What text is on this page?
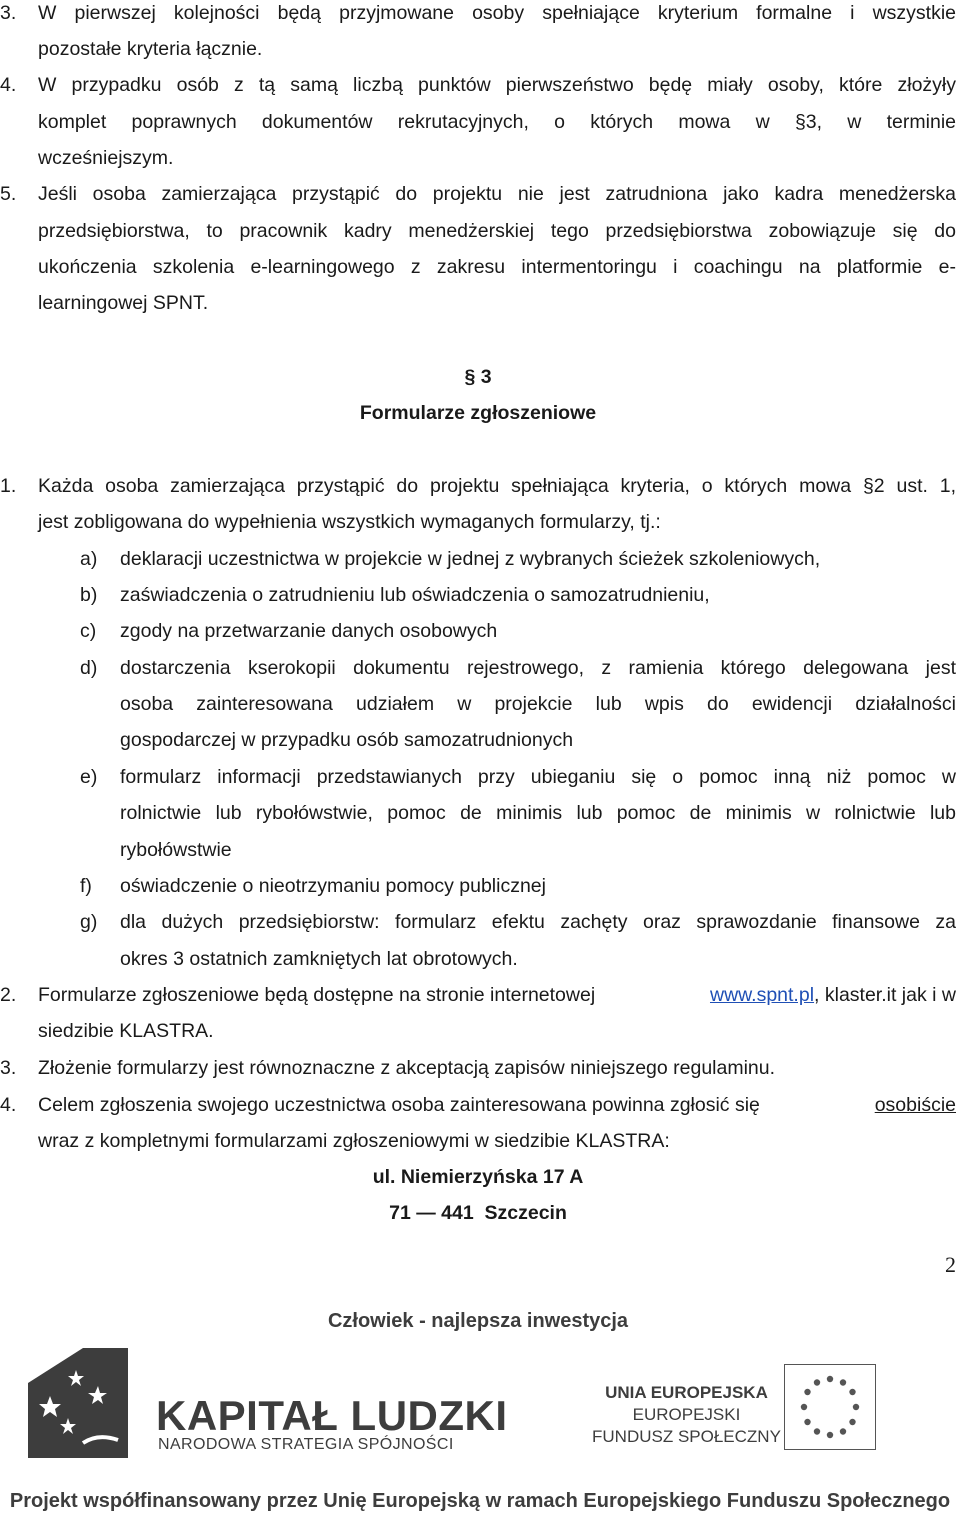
3. W pierwszej kolejności będą przyjmowane osoby spełniające kryterium formalne i wszystkie
pozostałe kryteria łącznie.
4. W przypadku osób z tą samą liczbą punktów pierwszeństwo będę miały osoby, które złożyły
komplet poprawnych dokumentów rekrutacyjnych, o których mowa w §3, w terminie
wcześniejszym.
5. Jeśli osoba zamierzająca przystąpić do projektu nie jest zatrudniona jako kadra menedżerska
przedsiębiorstwa, to pracownik kadry menedżerskiej tego przedsiębiorstwa zobowiązuje się do
ukończenia szkolenia e-learningowego z zakresu intermentoringu i coachingu na platformie e-
learningowej SPNT.
§ 3
Formularze zgłoszeniowe
1. Każda osoba zamierzająca przystąpić do projektu spełniająca kryteria, o których mowa §2 ust. 1,
jest zobligowana do wypełnienia wszystkich wymaganych formularzy, tj.:
a) deklaracji uczestnictwa w projekcie w jednej z wybranych ścieżek szkoleniowych,
b) zaświadczenia o zatrudnieniu lub oświadczenia o samozatrudnieniu,
c) zgody na przetwarzanie danych osobowych
d) dostarczenia kserokopii dokumentu rejestrowego, z ramienia którego delegowana jest
osoba zainteresowana udziałem w projekcie lub wpis do ewidencji działalności
gospodarczej w przypadku osób samozatrudnionych
e) formularz informacji przedstawianych przy ubieganiu się o pomoc inną niż pomoc w
rolnictwie lub rybołówstwie, pomoc de minimis lub pomoc de minimis w rolnictwie lub
rybołówstwie
f) oświadczenie o nieotrzymaniu pomocy publicznej
g) dla dużych przedsiębiorstw: formularz efektu zachęty oraz sprawozdanie finansowe za
okres 3 ostatnich zamkniętych lat obrotowych.
2. Formularze zgłoszeniowe będą dostępne na stronie internetowej	www.spnt.pl, klaster.it jak i w
siedzibie KLASTRA.
3. Złożenie formularzy jest równoznaczne z akceptacją zapisów niniejszego regulaminu.
4. Celem zgłoszenia swojego uczestnictwa osoba zainteresowana powinna zgłosić się	osobiście
wraz z kompletnymi formularzami zgłoszeniowymi w siedzibie KLASTRA:
ul. Niemierzyńska 17 A
71 — 441  Szczecin
2
Człowiek - najlepsza inwestycja
KAPITAŁ LUDZKI
NARODOWA STRATEGIA SPÓJNOŚCI
UNIA EUROPEJSKA
EUROPEJSKI
FUNDUSZ SPOŁECZNY
Projekt współfinansowany przez Unię Europejską w ramach Europejskiego Funduszu Społecznego
